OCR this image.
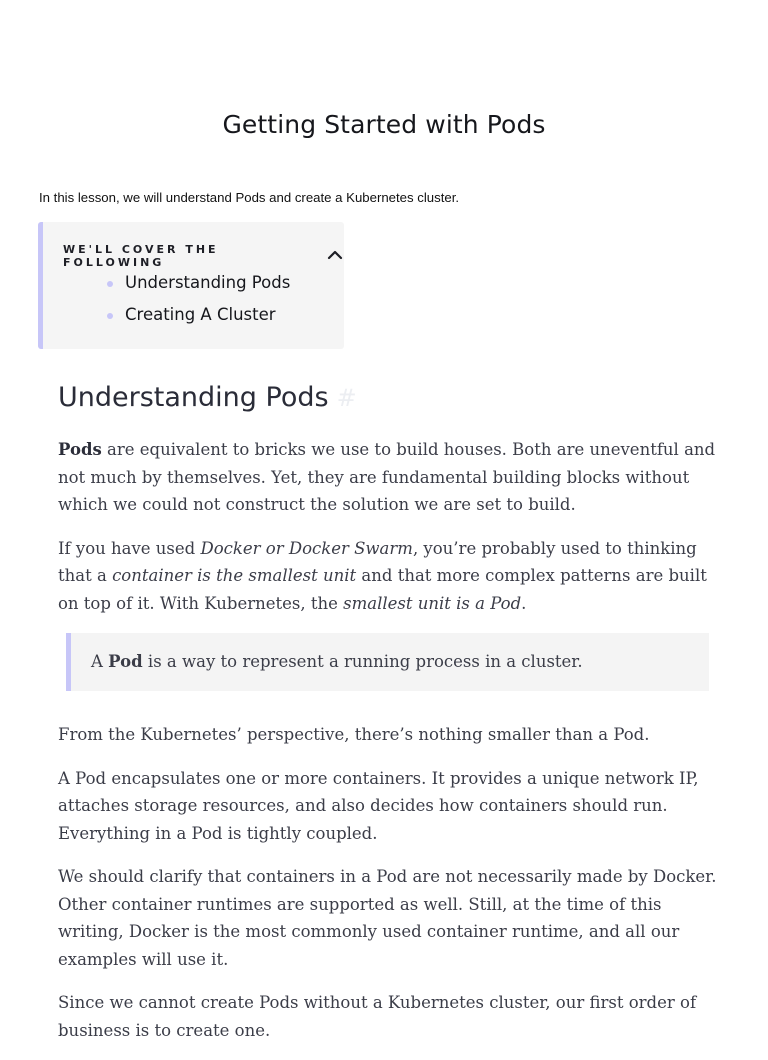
Getting Started with Pods

In this lesson, we will understand Pods and create a Kubernetes cluster.

WE'LL COVER THE FOLLOWING
Understanding Pods
Creating A Cluster
Understanding Pods #

Pods are equivalent to bricks we use to build houses. Both are uneventful and not much by themselves. Yet, they are fundamental building blocks without which we could not construct the solution we are set to build.

If you have used Docker or Docker Swarm, you’re probably used to thinking that a container is the smallest unit and that more complex patterns are built on top of it. With Kubernetes, the smallest unit is a Pod.

A Pod is a way to represent a running process in a cluster.

From the Kubernetes’ perspective, there’s nothing smaller than a Pod.

A Pod encapsulates one or more containers. It provides a unique network IP, attaches storage resources, and also decides how containers should run. Everything in a Pod is tightly coupled.

We should clarify that containers in a Pod are not necessarily made by Docker. Other container runtimes are supported as well. Still, at the time of this writing, Docker is the most commonly used container runtime, and all our examples will use it.

Since we cannot create Pods without a Kubernetes cluster, our first order of business is to create one.
